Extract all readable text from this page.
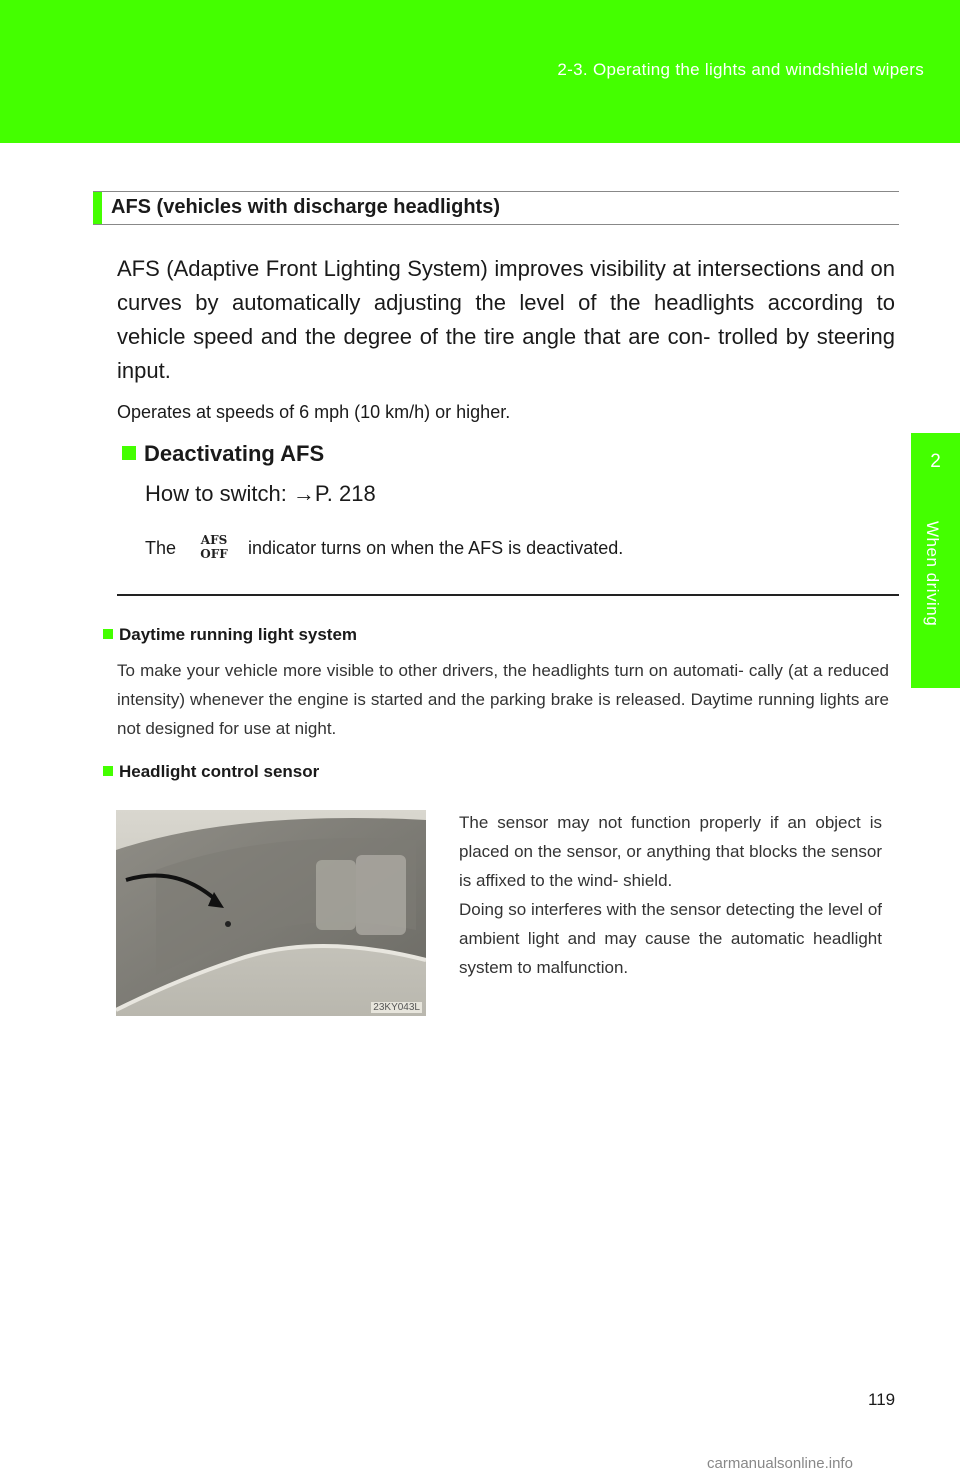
2-3. Operating the lights and windshield wipers
2
When driving
AFS (vehicles with discharge headlights)
AFS (Adaptive Front Lighting System) improves visibility at intersections and on curves by automatically adjusting the level of the headlights according to vehicle speed and the degree of the tire angle that are con- trolled by steering input.
Operates at speeds of 6 mph (10 km/h) or higher.
Deactivating AFS
How to switch: →P. 218
The	AFS
OFF	indicator turns on when the AFS is deactivated.
Daytime running light system
To make your vehicle more visible to other drivers, the headlights turn on automati- cally (at a reduced intensity) whenever the engine is started and the parking brake is released. Daytime running lights are not designed for use at night.
Headlight control sensor
23KY043L
The sensor may not function properly if an object is placed on the sensor, or anything that blocks the sensor is affixed to the wind- shield.
Doing so interferes with the sensor detecting the level of ambient light and may cause the automatic headlight system to malfunction.
119
carmanualsonline.info
